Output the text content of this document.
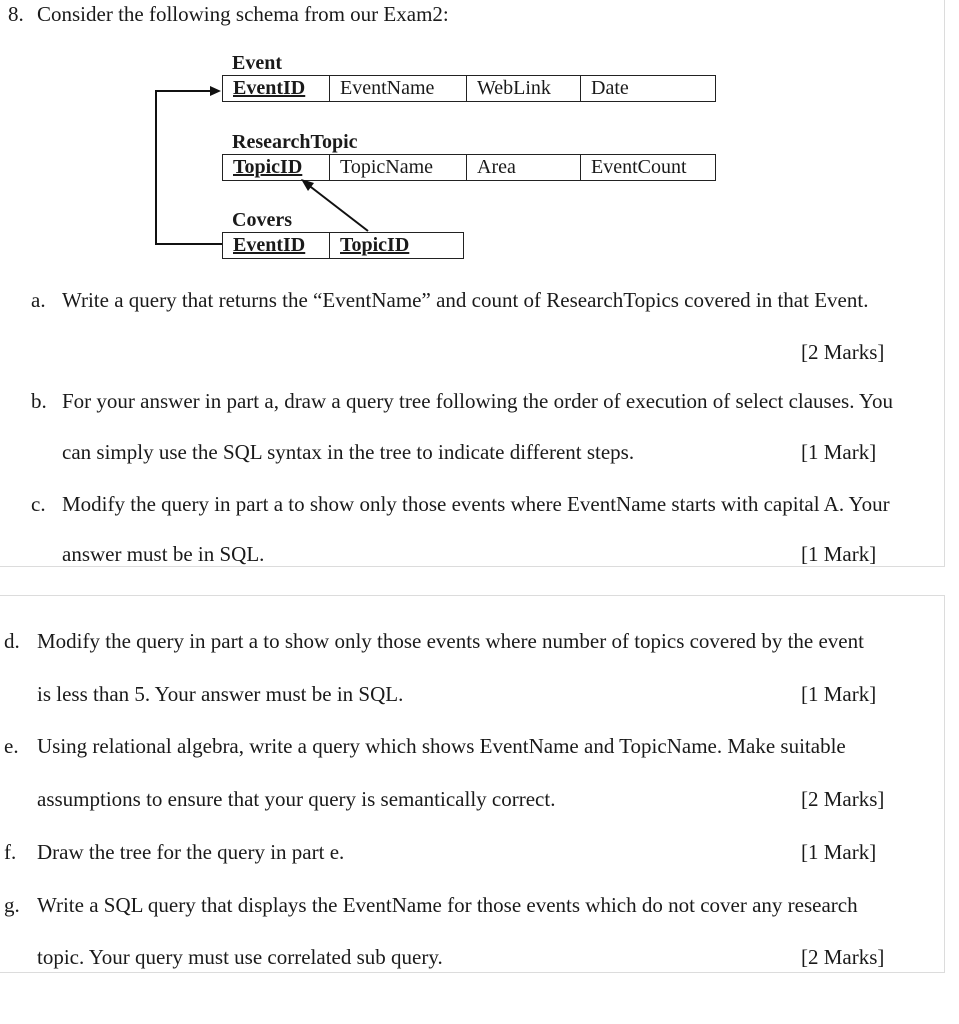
8. Consider the following schema from our Exam2:
Event
EventID	EventName	WebLink	Date
ResearchTopic
TopicID	TopicName	Area	EventCount
Covers
EventID	TopicID
a. Write a query that returns the “EventName” and count of ResearchTopics covered in that Event.
[2 Marks]
b. For your answer in part a, draw a query tree following the order of execution of select clauses. You
can simply use the SQL syntax in the tree to indicate different steps.	[1 Mark]
c. Modify the query in part a to show only those events where EventName starts with capital A. Your
answer must be in SQL.	[1 Mark]
d. Modify the query in part a to show only those events where number of topics covered by the event
is less than 5. Your answer must be in SQL.	[1 Mark]
e. Using relational algebra, write a query which shows EventName and TopicName. Make suitable
assumptions to ensure that your query is semantically correct.	[2 Marks]
f. Draw the tree for the query in part e.	[1 Mark]
g. Write a SQL query that displays the EventName for those events which do not cover any research
topic. Your query must use correlated sub query.	[2 Marks]
